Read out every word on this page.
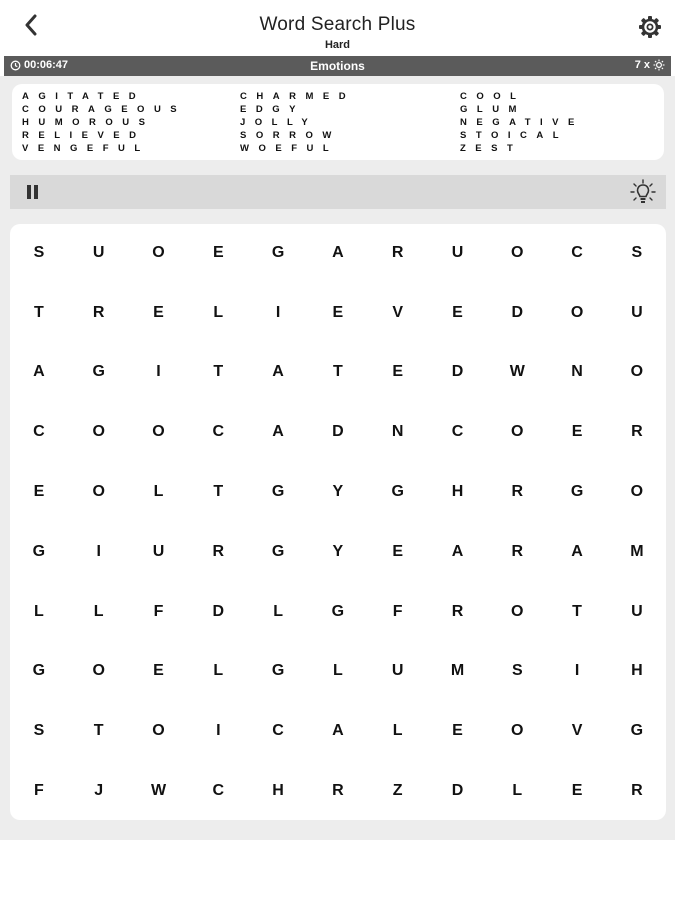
Word Search Plus
Hard
00:06:47	Emotions	7 x
AGITATED
COURAGEOUS
HUMOROUS
RELIEVED
VENGEFUL
CHARMED
EDGY
JOLLY
SORROW
WOEFUL
COOL
GLUM
NEGATIVE
STOICAL
ZEST
S	U	O	E	G	A	R	U	O	C	S
T	R	E	L	I	E	V	E	D	O	U
A	G	I	T	A	T	E	D	W	N	O
C	O	O	C	A	D	N	C	O	E	R
E	O	L	T	G	Y	G	H	R	G	O
G	I	U	R	G	Y	E	A	R	A	M
L	L	F	D	L	G	F	R	O	T	U
G	O	E	L	G	L	U	M	S	I	H
S	T	O	I	C	A	L	E	O	V	G
F	J	W	C	H	R	Z	D	L	E	R
